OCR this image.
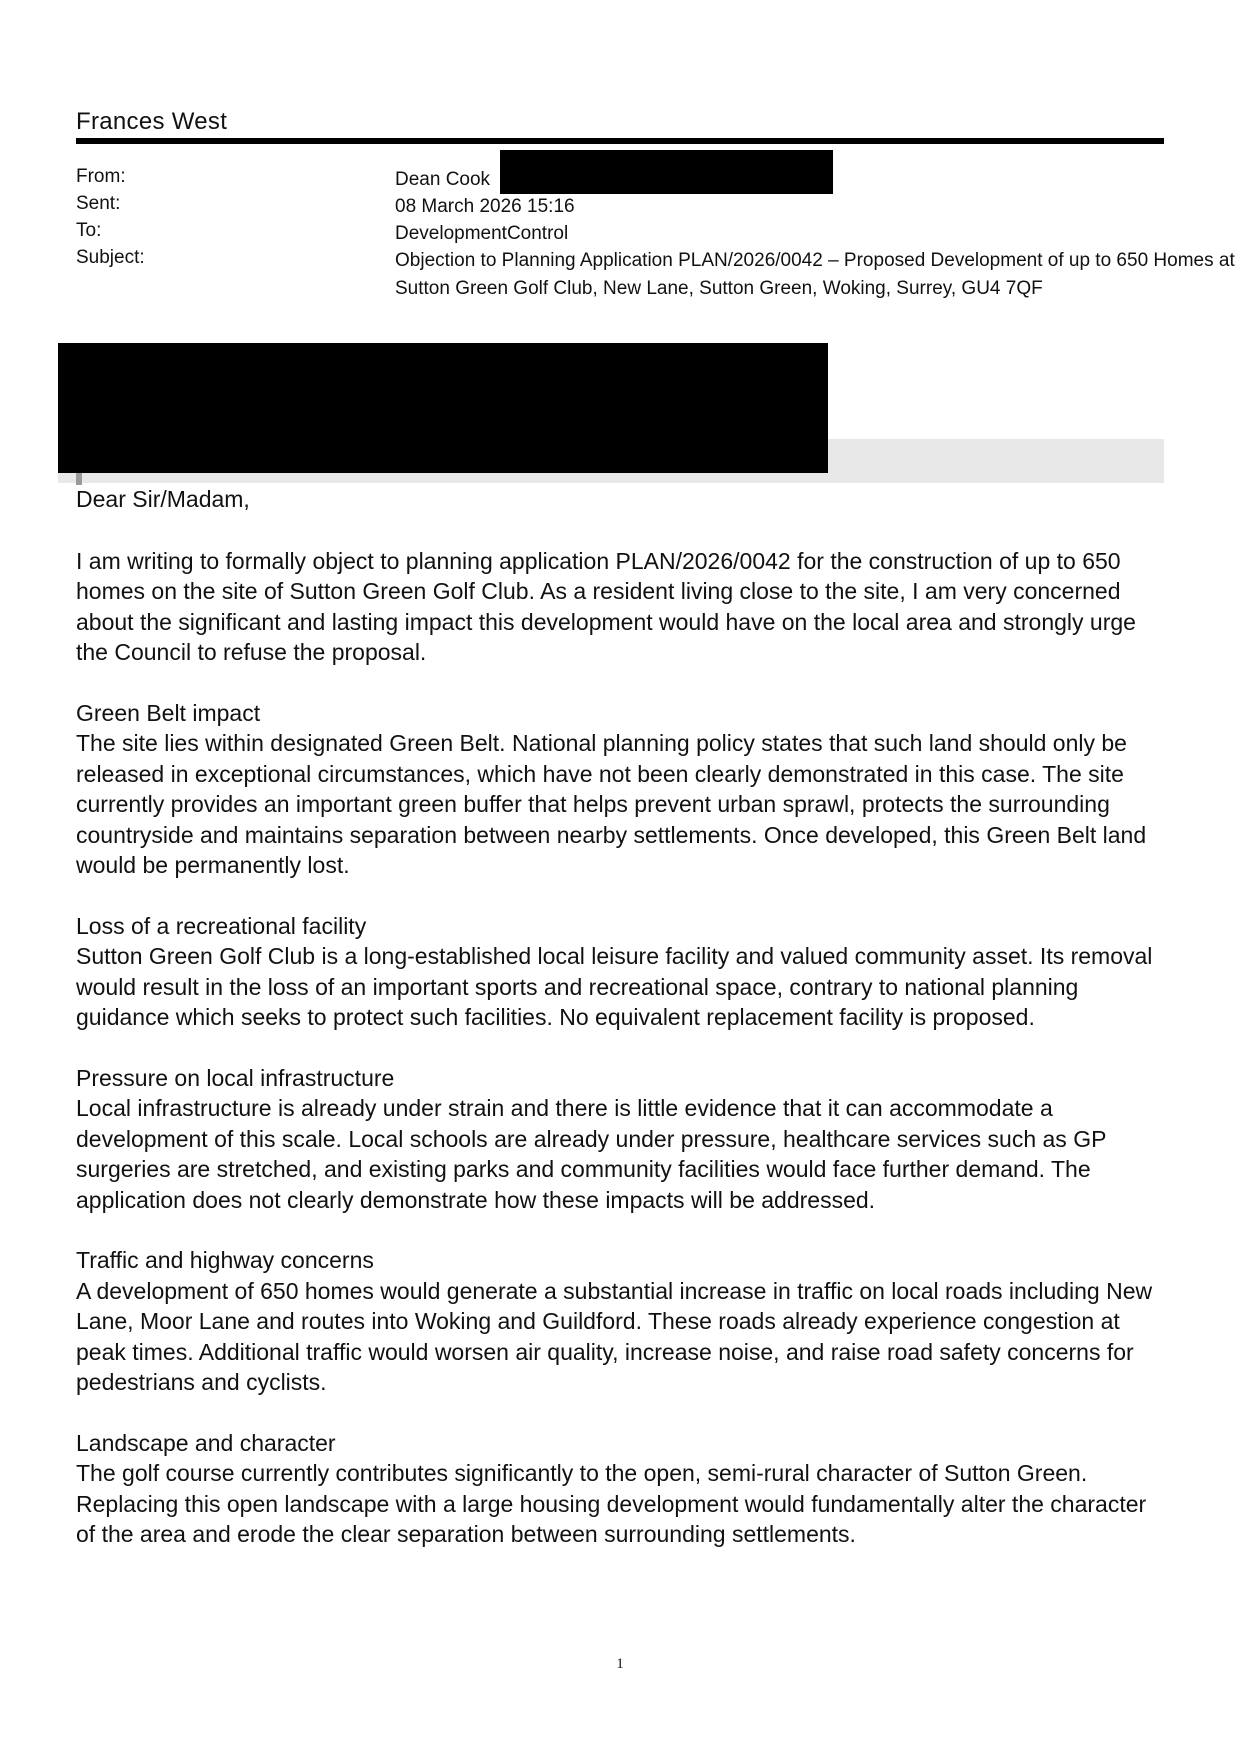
Frances West
From:	Dean Cook
Sent:	08 March 2026 15:16
To:	DevelopmentControl
Subject:	Objection to Planning Application PLAN/2026/0042 – Proposed Development of up to 650 Homes at Sutton Green Golf Club, New Lane, Sutton Green, Woking, Surrey, GU4 7QF

Dear Sir/Madam,

I am writing to formally object to planning application PLAN/2026/0042 for the construction of up to 650 homes on the site of Sutton Green Golf Club. As a resident living close to the site, I am very concerned about the significant and lasting impact this development would have on the local area and strongly urge the Council to refuse the proposal.

Green Belt impact
The site lies within designated Green Belt. National planning policy states that such land should only be released in exceptional circumstances, which have not been clearly demonstrated in this case. The site currently provides an important green buffer that helps prevent urban sprawl, protects the surrounding countryside and maintains separation between nearby settlements. Once developed, this Green Belt land would be permanently lost.

Loss of a recreational facility
Sutton Green Golf Club is a long-established local leisure facility and valued community asset. Its removal would result in the loss of an important sports and recreational space, contrary to national planning guidance which seeks to protect such facilities. No equivalent replacement facility is proposed.

Pressure on local infrastructure
Local infrastructure is already under strain and there is little evidence that it can accommodate a development of this scale. Local schools are already under pressure, healthcare services such as GP surgeries are stretched, and existing parks and community facilities would face further demand. The application does not clearly demonstrate how these impacts will be addressed.

Traffic and highway concerns
A development of 650 homes would generate a substantial increase in traffic on local roads including New Lane, Moor Lane and routes into Woking and Guildford. These roads already experience congestion at peak times. Additional traffic would worsen air quality, increase noise, and raise road safety concerns for pedestrians and cyclists.

Landscape and character
The golf course currently contributes significantly to the open, semi-rural character of Sutton Green. Replacing this open landscape with a large housing development would fundamentally alter the character of the area and erode the clear separation between surrounding settlements.

1
